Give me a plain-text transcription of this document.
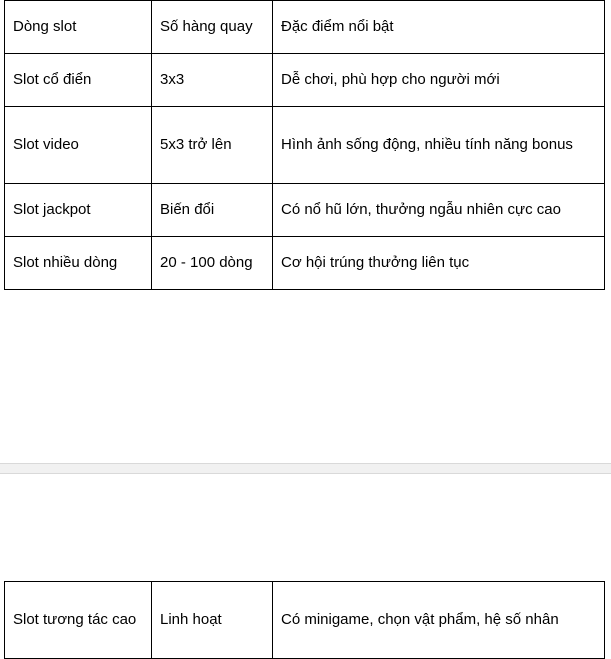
Dòng slot	Số hàng quay	Đặc điểm nổi bật
Slot cổ điển	3x3	Dễ chơi, phù hợp cho người mới
Slot video	5x3 trở lên	Hình ảnh sống động, nhiều tính năng bonus
Slot jackpot	Biến đổi	Có nổ hũ lớn, thưởng ngẫu nhiên cực cao
Slot nhiều dòng	20 - 100 dòng	Cơ hội trúng thưởng liên tục
Slot tương tác cao	Linh hoạt	Có minigame, chọn vật phẩm, hệ số nhân
